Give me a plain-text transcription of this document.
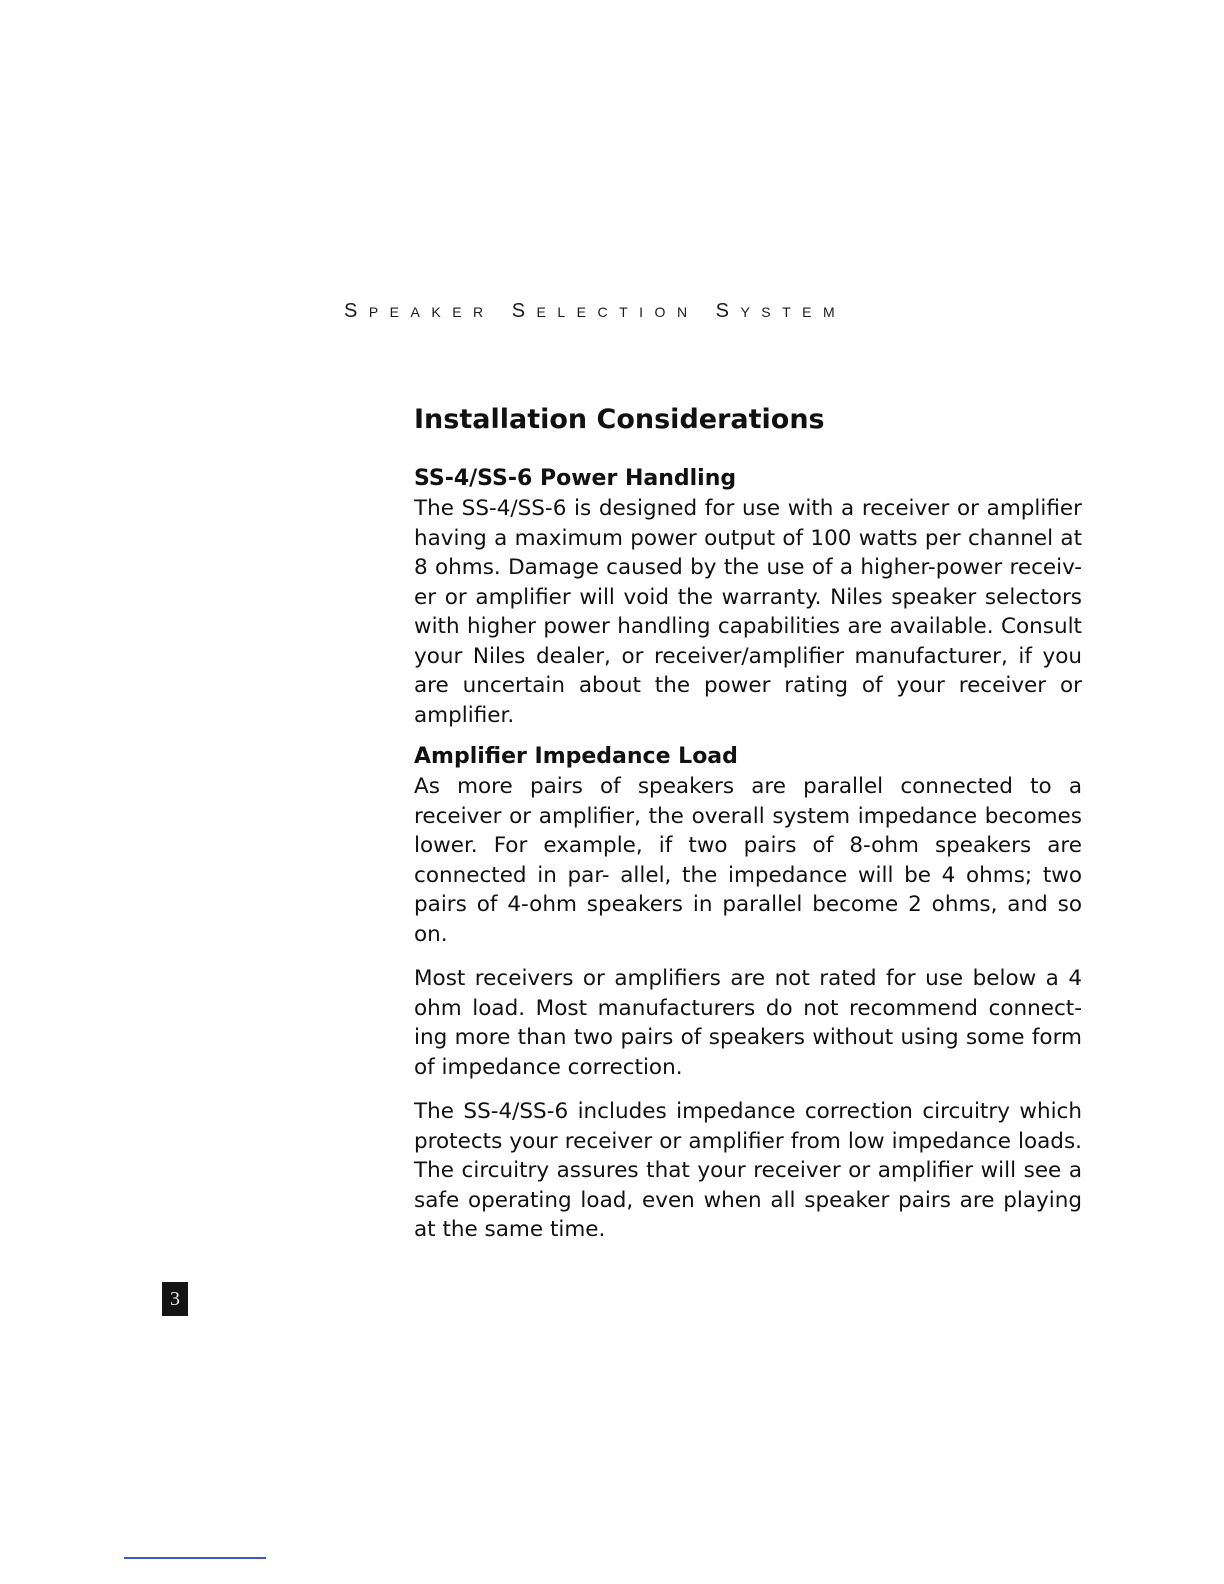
Speaker Selection System
Installation Considerations
SS-4/SS-6 Power Handling

The SS-4/SS-6 is designed for use with a receiver or amplifier having a maximum power output of 100 watts per channel at 8 ohms. Damage caused by the use of a higher-power receiv- er or amplifier will void the warranty. Niles speaker selectors with higher power handling capabilities are available. Consult your Niles dealer, or receiver/amplifier manufacturer, if you are uncertain about the power rating of your receiver or amplifier.

Amplifier Impedance Load

As more pairs of speakers are parallel connected to a receiver or amplifier, the overall system impedance becomes lower. For example, if two pairs of 8-ohm speakers are connected in par- allel, the impedance will be 4 ohms; two pairs of 4-ohm speakers in parallel become 2 ohms, and so on.

Most receivers or amplifiers are not rated for use below a 4 ohm load. Most manufacturers do not recommend connect- ing more than two pairs of speakers without using some form of impedance correction.

The SS-4/SS-6 includes impedance correction circuitry which protects your receiver or amplifier from low impedance loads. The circuitry assures that your receiver or amplifier will see a safe operating load, even when all speaker pairs are playing at the same time.

3
